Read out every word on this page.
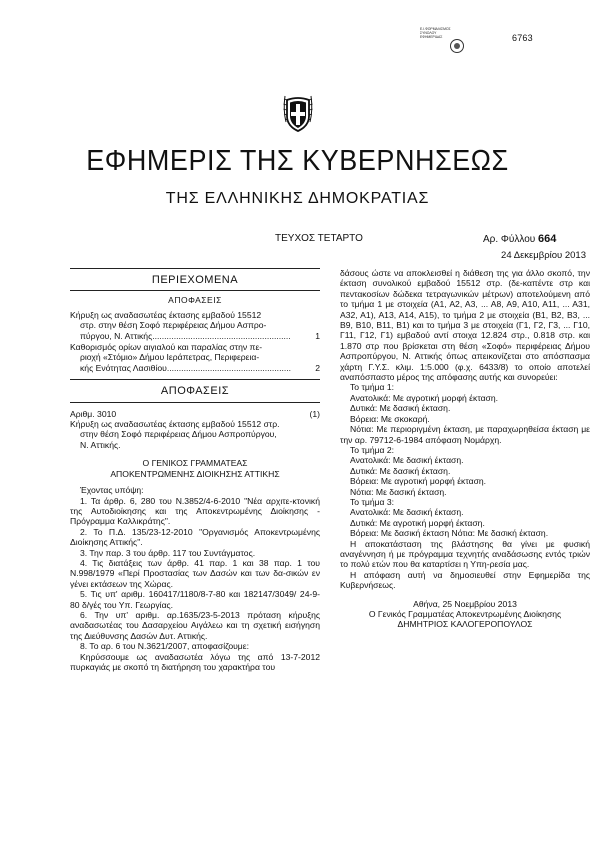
6763
Ε.Ι.ΦΟΡΜΑΛΙΣΜΟΣ ΣΥΝΟΛΟΥ ΕΦΗΜΕΡΙΔΑΣ
ΕΦΗΜΕΡΙΣ ΤΗΣ ΚΥΒΕΡΝΗΣΕΩΣ
ΤΗΣ ΕΛΛΗΝΙΚΗΣ ΔΗΜΟΚΡΑΤΙΑΣ
ΤΕΥΧΟΣ ΤΕΤΑΡΤΟ	Αρ. Φύλλου 664
24 Δεκεμβρίου 2013
ΠΕΡΙΕΧΟΜΕΝΑ
ΑΠΟΦΑΣΕΙΣ
Κήρυξη ως αναδασωτέας έκτασης εμβαδού 15512
στρ. στην θέση Σοφό περιφέρειας Δήμου Ασπρο-
πύργου, Ν. Αττικής..........................................................	1
Καθορισμός ορίων αιγιαλού και παραλίας στην πε-
ριοχή «Στόμιο» Δήμου Ιεράπετρας, Περιφερεια-
κής Ενότητας Λασιθίου....................................................	2
ΑΠΟΦΑΣΕΙΣ
Αριθμ. 3010	(1)
Κήρυξη ως αναδασωτέας έκτασης εμβαδού 15512 στρ.
στην θέση Σοφό περιφέρειας Δήμου Ασπροπύργου,
Ν. Αττικής.
Ο ΓΕΝΙΚΟΣ ΓΡΑΜΜΑΤΕΑΣ
ΑΠΟΚΕΝΤΡΩΜΕΝΗΣ ΔΙΟΙΚΗΣΗΣ ΑΤΤΙΚΗΣ
Έχοντας υπόψη:
1. Τα άρθρ. 6, 280 του Ν.3852/4-6-2010 "Νέα αρχιτε-κτονική της Αυτοδιοίκησης και της Αποκεντρωμένης Διοίκησης - Πρόγραμμα Καλλικράτης".
2. Το Π.Δ. 135/23-12-2010 "Οργανισμός Αποκεντρωμένης Διοίκησης Αττικής".
3. Την παρ. 3 του άρθρ. 117 του Συντάγματος.
4. Τις διατάξεις των άρθρ. 41 παρ. 1 και 38 παρ. 1 του Ν.998/1979 «Περί Προστασίας των Δασών και των δα-σικών εν γένει εκτάσεων της Χώρας.
5. Τις υπ' αριθμ. 160417/1180/8-7-80 και 182147/3049/ 24-9-80 δ/γές του Υπ. Γεωργίας.
6. Την υπ' αριθμ. αρ.1635/23-5-2013 πρόταση κήρυξης αναδασωτέας του Δασαρχείου Αιγάλεω και τη σχετική εισήγηση της Διεύθυνσης Δασών Δυτ. Αττικής.
8. Το αρ. 6 του Ν.3621/2007, αποφασίζουμε:
Κηρύσσουμε ως αναδασωτέα λόγω της από 13-7-2012 πυρκαγιάς με σκοπό τη διατήρηση του χαρακτήρα του
δάσους ώστε να αποκλεισθεί η διάθεση της για άλλο σκοπό, την έκταση συνολικού εμβαδού 15512 στρ. (δε-καπέντε στρ και πεντακοσίων δώδεκα τετραγωνικών μέτρων) αποτελούμενη από το τμήμα 1 με στοιχεία (Α1, Α2, Α3, ... Α8, Α9, Α10, Α11, ... Α31, Α32, Α1), Α13, Α14, Α15), το τμήμα 2 με στοιχεία (Β1, Β2, Β3, ... Β9, Β10, Β11, Β1) και το τμήμα 3 με στοιχεία (Γ1, Γ2, Γ3, ... Γ10, Γ11, Γ12, Γ1) εμβαδού αντί στοιχα 12.824 στρ., 0.818 στρ. και 1.870 στρ που βρίσκεται στη θέση «Σοφό» περιφέρειας Δήμου Ασπροπύργου, Ν. Αττικής όπως απεικονίζεται στο απόσπασμα χάρτη Γ.Υ.Σ. κλιμ. 1:5.000 (φ.χ. 6433/8) το οποίο αποτελεί αναπόσπαστο μέρος της απόφασης αυτής και συνορεύει:
Το τμήμα 1:
Ανατολικά: Με αγροτική μορφή έκταση.
Δυτικά: Με δασική έκταση.
Βόρεια: Με σκοκαρή.
Νότια: Με περιοριγμένη έκταση, με παραχωρηθείσα έκταση με την αρ. 79712-6-1984 απόφαση Νομάρχη.
Το τμήμα 2:
Ανατολικά: Με δασική έκταση.
Δυτικά: Με δασική έκταση.
Βόρεια: Με αγροτική μορφή έκταση.
Νότια: Με δασική έκταση.
Το τμήμα 3:
Ανατολικά: Με δασική έκταση.
Δυτικά: Με αγροτική μορφή έκταση.
Βόρεια: Με δασική έκταση Νότια: Με δασική έκταση.
Η αποκατάσταση της βλάστησης θα γίνει με φυσική αναγέννηση ή με πρόγραμμα τεχνητής αναδάσωσης εντός τριών το πολύ ετών που θα καταρτίσει η Υπη-ρεσία μας.
Η απόφαση αυτή να δημοσιευθεί στην Εφημερίδα της Κυβερνήσεως.
Αθήνα, 25 Νοεμβρίου 2013
Ο Γενικός Γραμματέας Αποκεντρωμένης Διοίκησης
ΔΗΜΗΤΡΙΟΣ ΚΑΛΟΓΕΡΟΠΟΥΛΟΣ
